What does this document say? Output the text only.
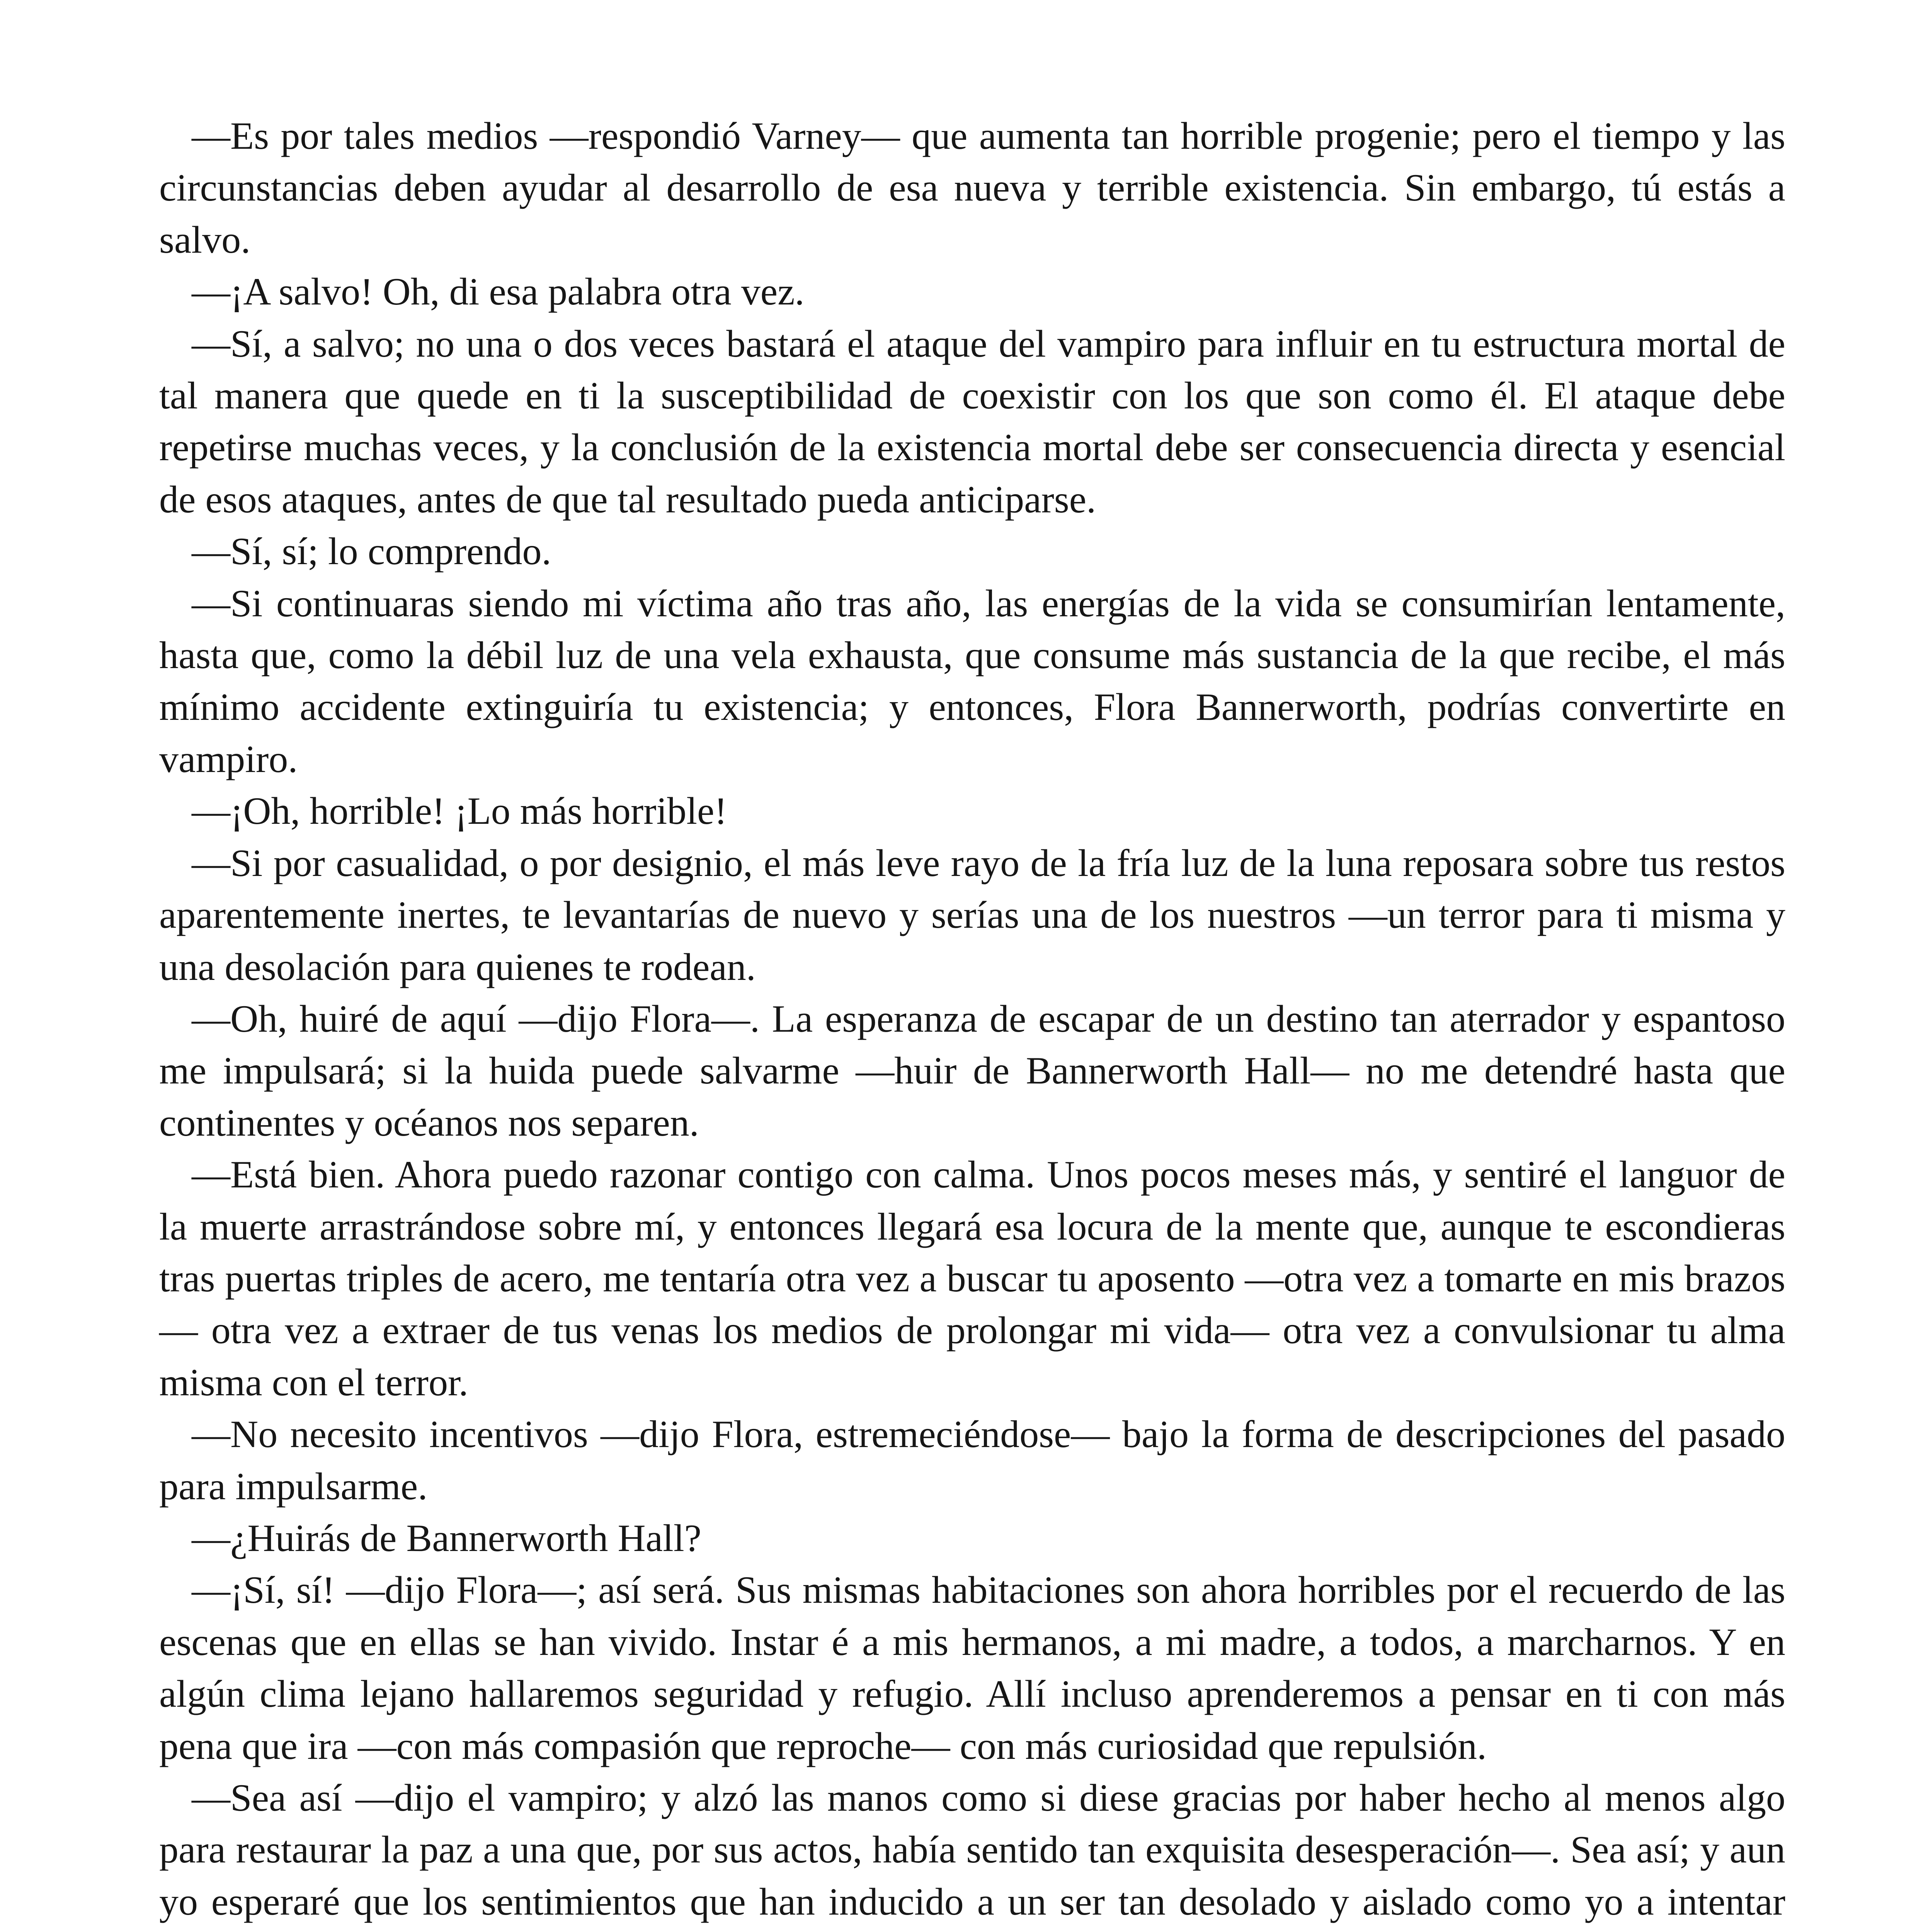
—Es por tales medios —respondió Varney— que aumenta tan horrible progenie; pero el tiempo y las circunstancias deben ayudar al desarrollo de esa nueva y terrible existencia. Sin embargo, tú estás a salvo.

—¡A salvo! Oh, di esa palabra otra vez.

—Sí, a salvo; no una o dos veces bastará el ataque del vampiro para influir en tu estructura mortal de tal manera que quede en ti la susceptibilidad de coexistir con los que son como él. El ataque debe repetirse muchas veces, y la conclusión de la existencia mortal debe ser consecuencia directa y esencial de esos ataques, antes de que tal resultado pueda anticiparse.

—Sí, sí; lo comprendo.

—Si continuaras siendo mi víctima año tras año, las energías de la vida se consumirían lentamente, hasta que, como la débil luz de una vela exhausta, que consume más sustancia de la que recibe, el más mínimo accidente extinguiría tu existencia; y entonces, Flora Bannerworth, podrías convertirte en vampiro.

—¡Oh, horrible! ¡Lo más horrible!

—Si por casualidad, o por designio, el más leve rayo de la fría luz de la luna reposara sobre tus restos aparentemente inertes, te levantarías de nuevo y serías una de los nuestros —un terror para ti misma y una desolación para quienes te rodean.

—Oh, huiré de aquí —dijo Flora—. La esperanza de escapar de un destino tan aterrador y espantoso me impulsará; si la huida puede salvarme —huir de Bannerworth Hall— no me detendré hasta que continentes y océanos nos separen.

—Está bien. Ahora puedo razonar contigo con calma. Unos pocos meses más, y sentiré el languor de la muerte arrastrándose sobre mí, y entonces llegará esa locura de la mente que, aunque te escondieras tras puertas triples de acero, me tentaría otra vez a buscar tu aposento —otra vez a tomarte en mis brazos— otra vez a extraer de tus venas los medios de prolongar mi vida— otra vez a convulsionar tu alma misma con el terror.

—No necesito incentivos —dijo Flora, estremeciéndose— bajo la forma de descripciones del pasado para impulsarme.

—¿Huirás de Bannerworth Hall?

—¡Sí, sí! —dijo Flora—; así será. Sus mismas habitaciones son ahora horribles por el recuerdo de las escenas que en ellas se han vivido. Instar é a mis hermanos, a mi madre, a todos, a marcharnos. Y en algún clima lejano hallaremos seguridad y refugio. Allí incluso aprenderemos a pensar en ti con más pena que ira —con más compasión que reproche— con más curiosidad que repulsión.

—Sea así —dijo el vampiro; y alzó las manos como si diese gracias por haber hecho al menos algo para restaurar la paz a una que, por sus actos, había sentido tan exquisita desesperación—. Sea así; y aun yo esperaré que los sentimientos que han inducido a un ser tan desolado y aislado como yo a intentar
